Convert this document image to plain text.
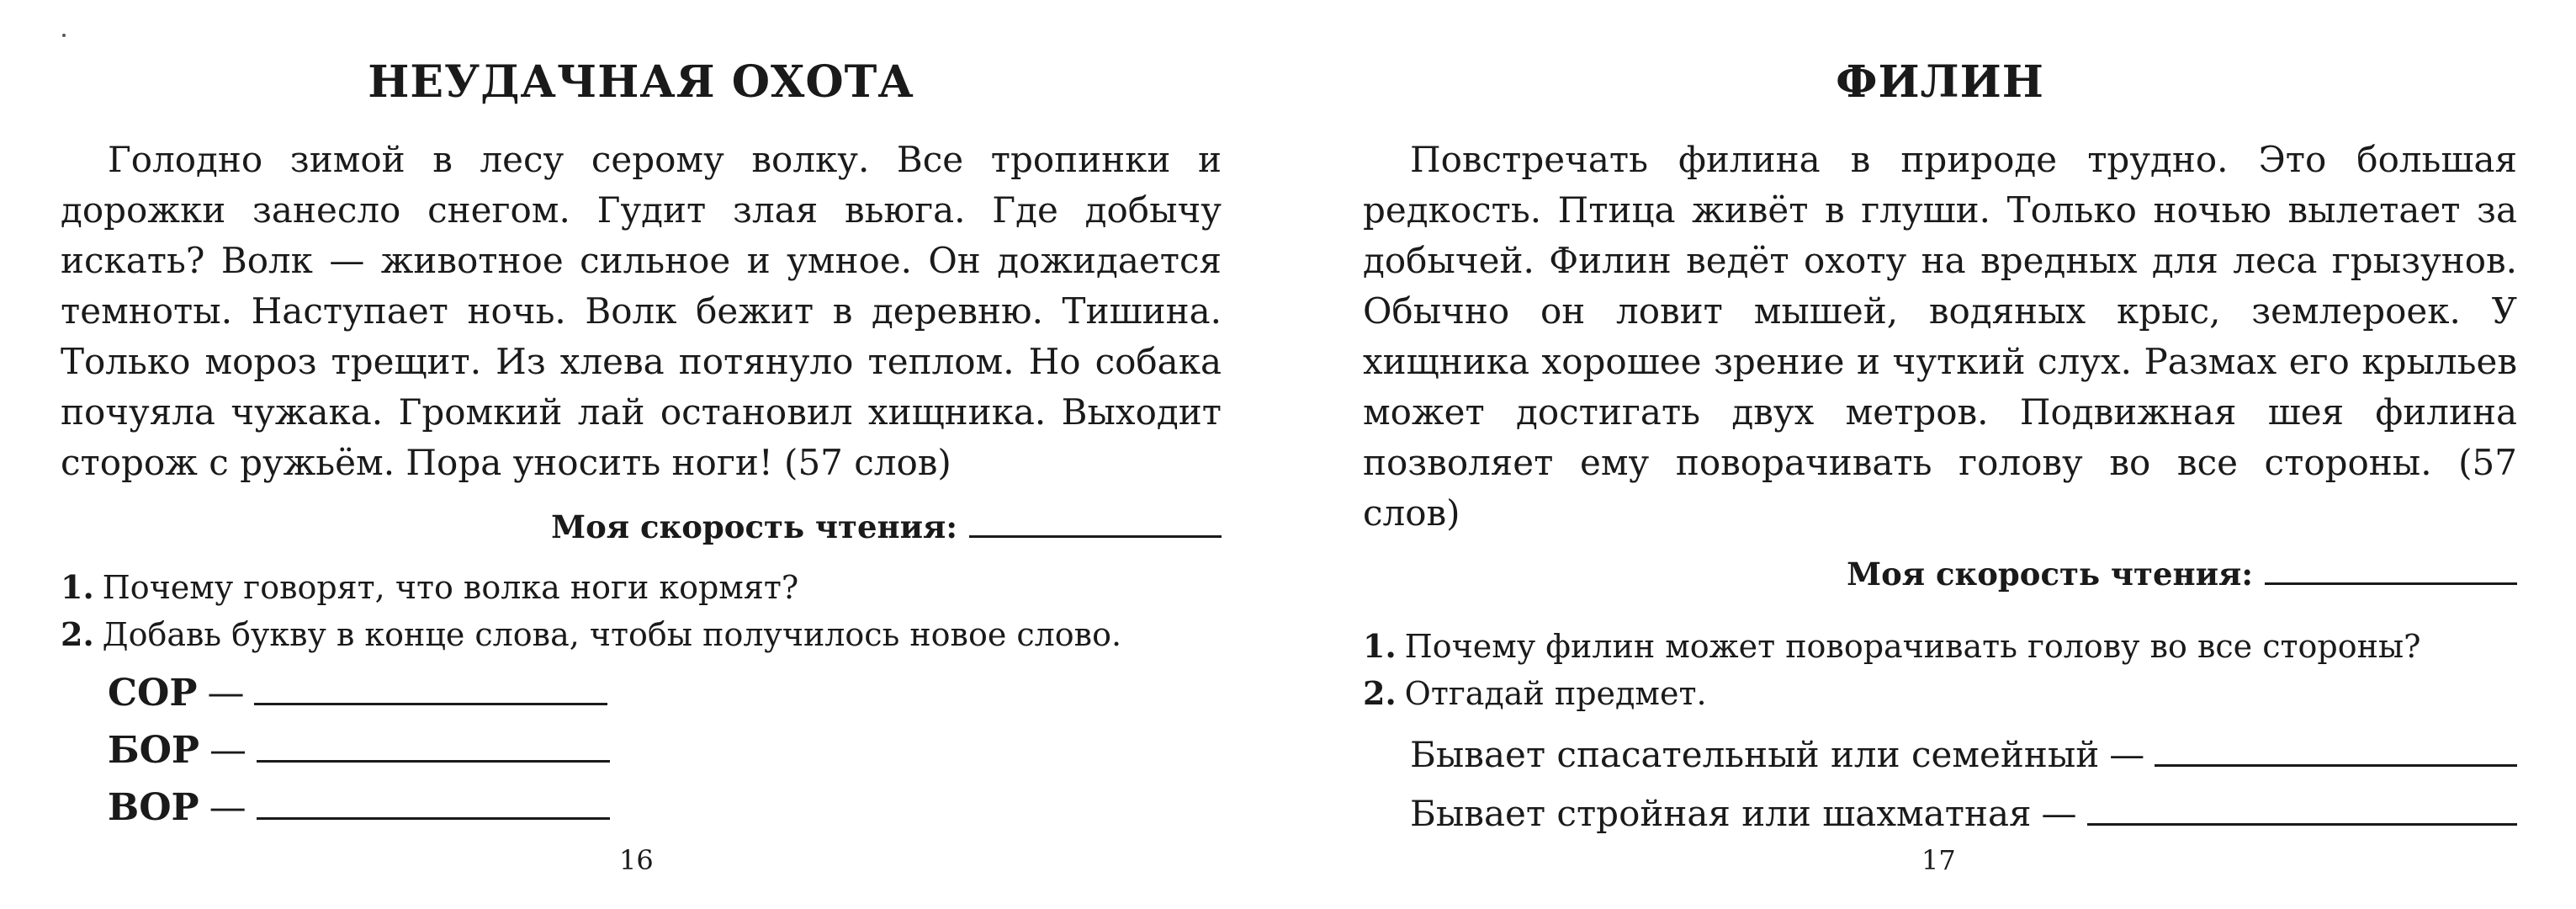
НЕУДАЧНАЯ ОХОТА

Голодно зимой в лесу серому волку. Все тропинки и дорожки занесло снегом. Гудит злая вьюга. Где добычу искать? Волк — животное сильное и умное. Он дожидается темноты. Наступает ночь. Волк бежит в деревню. Тишина. Только мороз трещит. Из хлева потянуло теплом. Но собака почуяла чужака. Громкий лай остановил хищника. Выходит сторож с ружьём. Пора уносить ноги! (57 слов)

Моя скорость чтения:
1. Почему говорят, что волка ноги кормят?
2. Добавь букву в конце слова, чтобы получилось новое слово.
СОР —
БОР —
ВОР —
16
ФИЛИН

Повстречать филина в природе трудно. Это большая редкость. Птица живёт в глуши. Только ночью вылетает за добычей. Филин ведёт охоту на вредных для леса грызунов. Обычно он ловит мышей, водяных крыс, землероек. У хищника хорошее зрение и чуткий слух. Размах его крыльев может достигать двух метров. Подвижная шея филина позволяет ему поворачивать голову во все стороны. (57 слов)

Моя скорость чтения:
1. Почему филин может поворачивать голову во все стороны?
2. Отгадай предмет.
Бывает спасательный или семейный —
Бывает стройная или шахматная —
17
